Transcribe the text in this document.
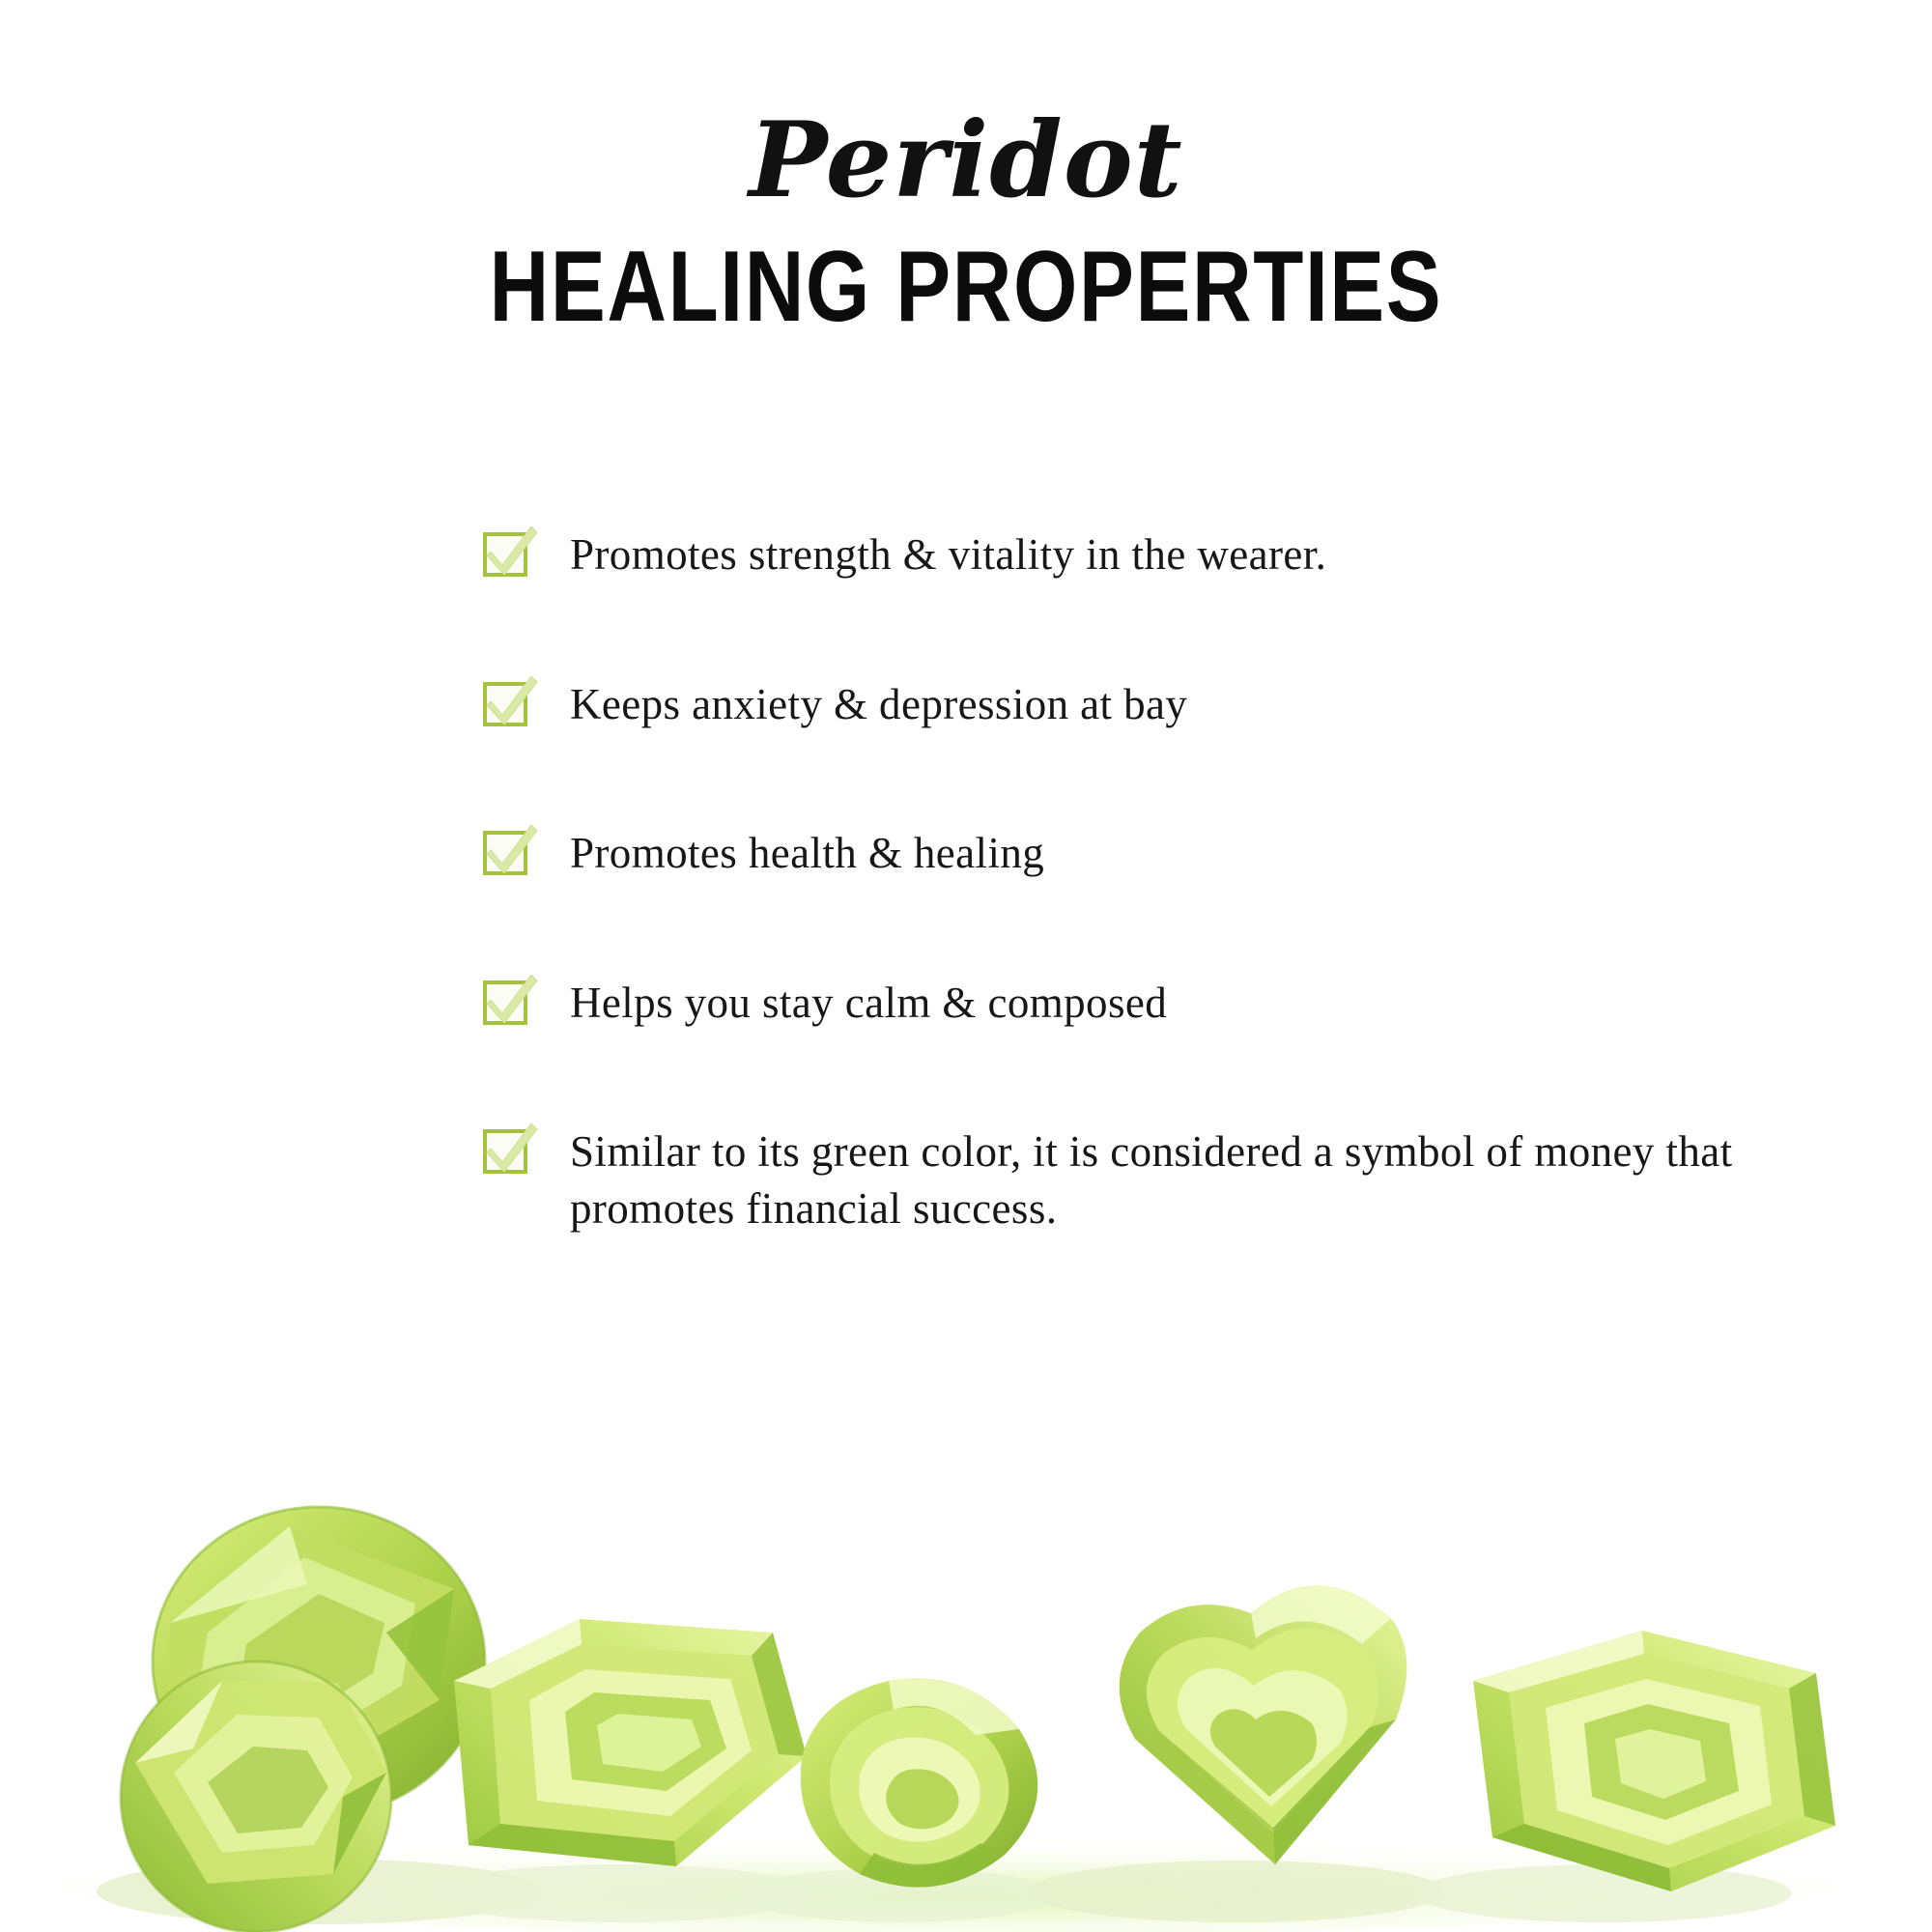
Peridot
HEALING PROPERTIES
Promotes strength & vitality in the wearer.
Keeps anxiety & depression at bay
Promotes health & healing
Helps you stay calm & composed
Similar to its green color, it is considered a symbol of money that promotes financial success.
